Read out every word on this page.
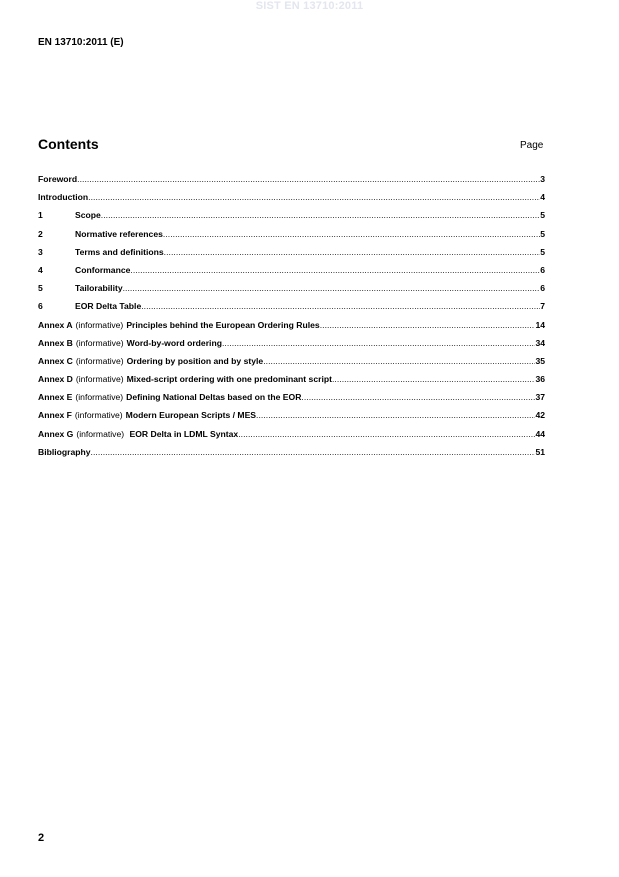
SIST EN 13710:2011
EN 13710:2011 (E)
Contents	Page
Foreword .....	3
Introduction .....	4
1	Scope .....	5
2	Normative references .....	5
3	Terms and definitions .....	5
4	Conformance .....	6
5	Tailorability .....	6
6	EOR Delta Table .....	7
Annex A (informative) Principles behind the European Ordering Rules .....	14
Annex B (informative) Word-by-word ordering .....	34
Annex C (informative) Ordering by position and by style .....	35
Annex D (informative) Mixed-script ordering with one predominant script .....	36
Annex E (informative) Defining National Deltas based on the EOR .....	37
Annex F (informative) Modern European Scripts / MES .....	42
Annex G (informative) EOR Delta in LDML Syntax .....	44
Bibliography .....	51
2
